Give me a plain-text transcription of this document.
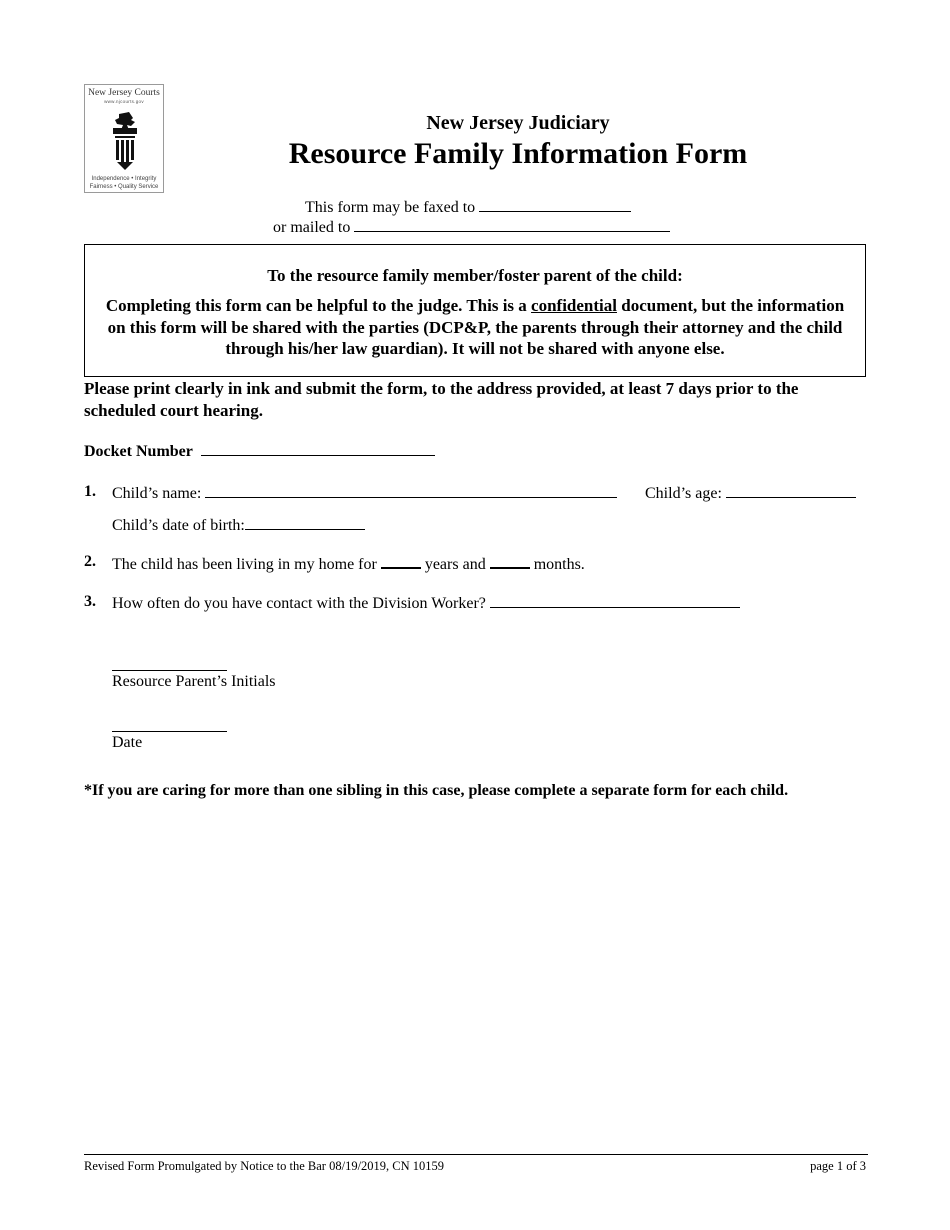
New Jersey Courts
www.njcourts.gov
Independence • Integrity
Fairness • Quality Service
New Jersey Judiciary
Resource Family Information Form
This form may be faxed to
or mailed to
To the resource family member/foster parent of the child:
Completing this form can be helpful to the judge. This is a confidential document, but the information on this form will be shared with the parties (DCP&P, the parents through their attorney and the child through his/her law guardian). It will not be shared with anyone else.
Please print clearly in ink and submit the form, to the address provided, at least 7 days prior to the scheduled court hearing.
Docket Number
1. Child’s name:	Child’s age:
Child’s date of birth:
2. The child has been living in my home for	years and	months.
3. How often do you have contact with the Division Worker?
Resource Parent’s Initials
Date
*If you are caring for more than one sibling in this case, please complete a separate form for each child.
Revised Form Promulgated by Notice to the Bar 08/19/2019, CN 10159	page 1 of 3
